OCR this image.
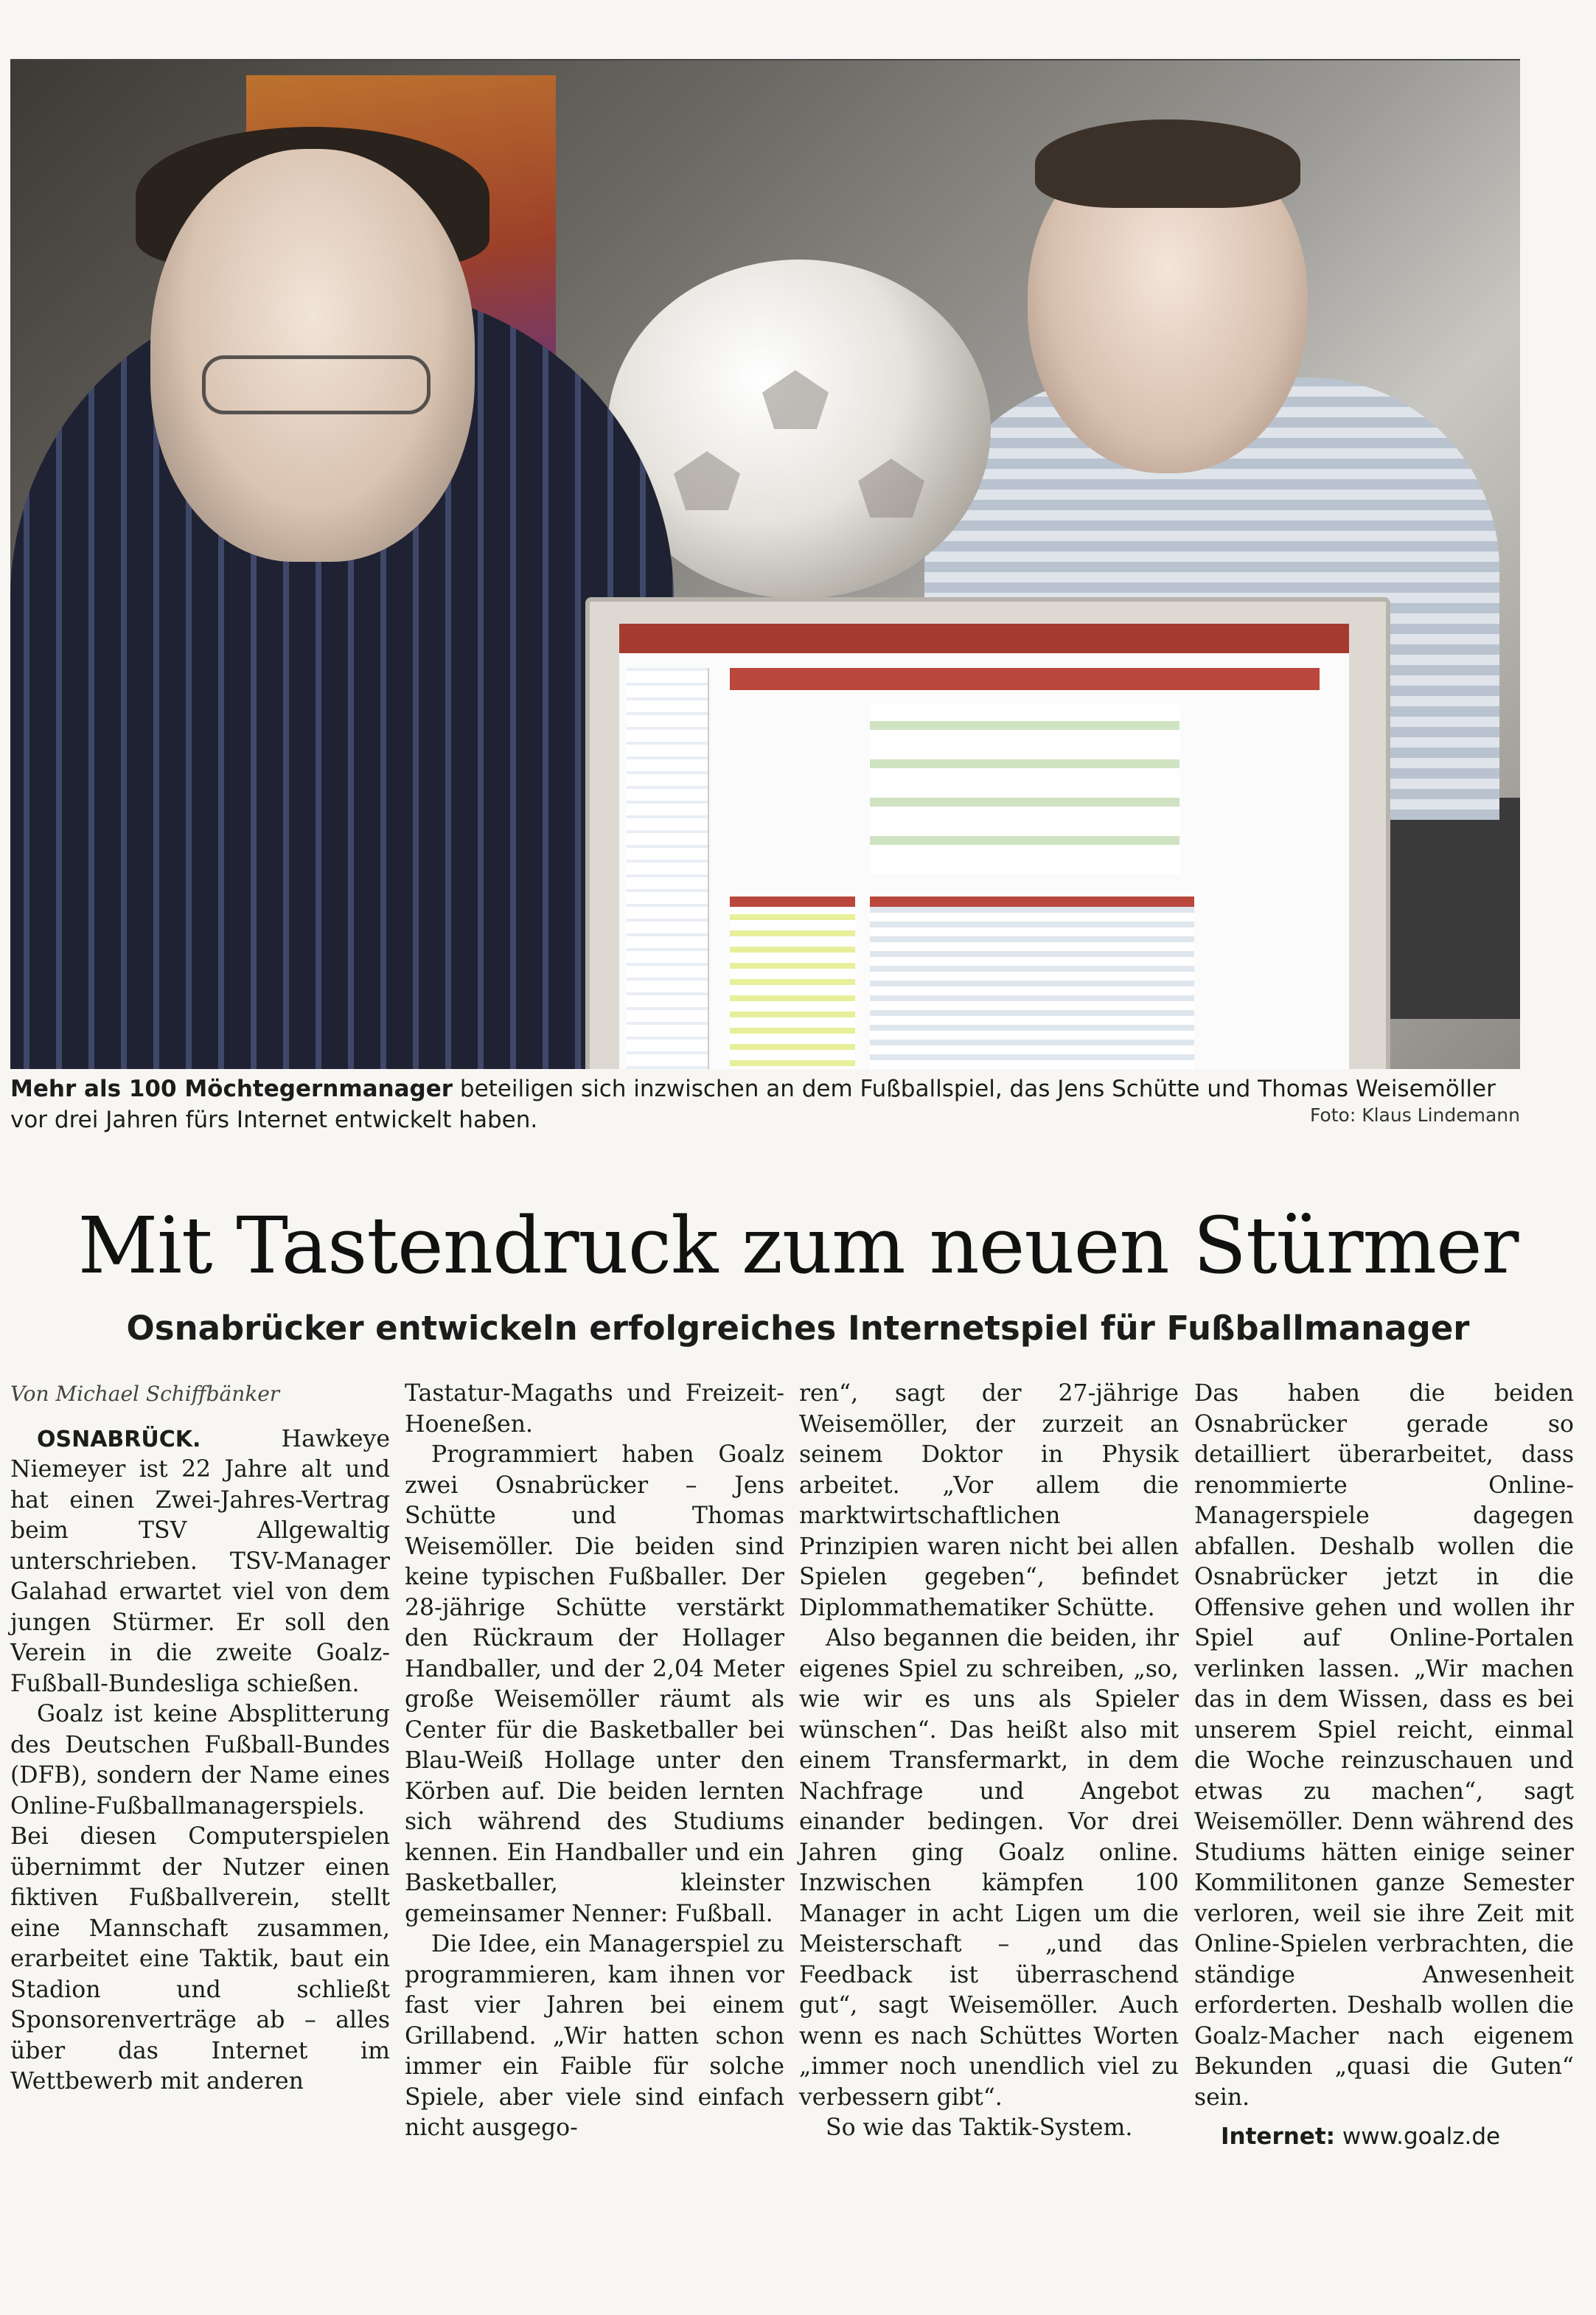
Mehr als 100 Möchtegernmanager beteiligen sich inzwischen an dem Fußballspiel, das Jens Schütte und Thomas Weisemöller vor drei Jahren fürs Internet entwickelt haben.	Foto: Klaus Lindemann
Mit Tastendruck zum neuen Stürmer
Osnabrücker entwickeln erfolgreiches Internetspiel für Fußballmanager

Von Michael Schiffbänker

OSNABRÜCK. Hawkeye Niemeyer ist 22 Jahre alt und hat einen Zwei-Jahres-Vertrag beim TSV Allgewaltig unterschrieben. TSV-Manager Galahad erwartet viel von dem jungen Stürmer. Er soll den Verein in die zweite Goalz-Fußball-Bundesliga schießen.

Goalz ist keine Absplitterung des Deutschen Fußball-Bundes (DFB), sondern der Name eines Online-Fußballmanagerspiels. Bei diesen Computerspielen übernimmt der Nutzer einen fiktiven Fußballverein, stellt eine Mannschaft zusammen, erarbeitet eine Taktik, baut ein Stadion und schließt Sponsorenverträge ab – alles über das Internet im Wettbewerb mit anderen

Tastatur-Magaths und Freizeit-Hoeneßen.

Programmiert haben Goalz zwei Osnabrücker – Jens Schütte und Thomas Weisemöller. Die beiden sind keine typischen Fußballer. Der 28-jährige Schütte verstärkt den Rückraum der Hollager Handballer, und der 2,04 Meter große Weisemöller räumt als Center für die Basketballer bei Blau-Weiß Hollage unter den Körben auf. Die beiden lernten sich während des Studiums kennen. Ein Handballer und ein Basketballer, kleinster gemeinsamer Nenner: Fußball.

Die Idee, ein Managerspiel zu programmieren, kam ihnen vor fast vier Jahren bei einem Grillabend. „Wir hatten schon immer ein Faible für solche Spiele, aber viele sind einfach nicht ausgego-

ren“, sagt der 27-jährige Weisemöller, der zurzeit an seinem Doktor in Physik arbeitet. „Vor allem die marktwirtschaftlichen Prinzipien waren nicht bei allen Spielen gegeben“, befindet Diplommathematiker Schütte.

Also begannen die beiden, ihr eigenes Spiel zu schreiben, „so, wie wir es uns als Spieler wünschen“. Das heißt also mit einem Transfermarkt, in dem Nachfrage und Angebot einander bedingen. Vor drei Jahren ging Goalz online. Inzwischen kämpfen 100 Manager in acht Ligen um die Meisterschaft – „und das Feedback ist überraschend gut“, sagt Weisemöller. Auch wenn es nach Schüttes Worten „immer noch unendlich viel zu verbessern gibt“.

So wie das Taktik-System.

Das haben die beiden Osnabrücker gerade so detailliert überarbeitet, dass renommierte Online-Managerspiele dagegen abfallen. Deshalb wollen die Osnabrücker jetzt in die Offensive gehen und wollen ihr Spiel auf Online-Portalen verlinken lassen. „Wir machen das in dem Wissen, dass es bei unserem Spiel reicht, einmal die Woche reinzuschauen und etwas zu machen“, sagt Weisemöller. Denn während des Studiums hätten einige seiner Kommilitonen ganze Semester verloren, weil sie ihre Zeit mit Online-Spielen verbrachten, die ständige Anwesenheit erforderten. Deshalb wollen die Goalz-Macher nach eigenem Bekunden „quasi die Guten“ sein.

Internet: www.goalz.de
